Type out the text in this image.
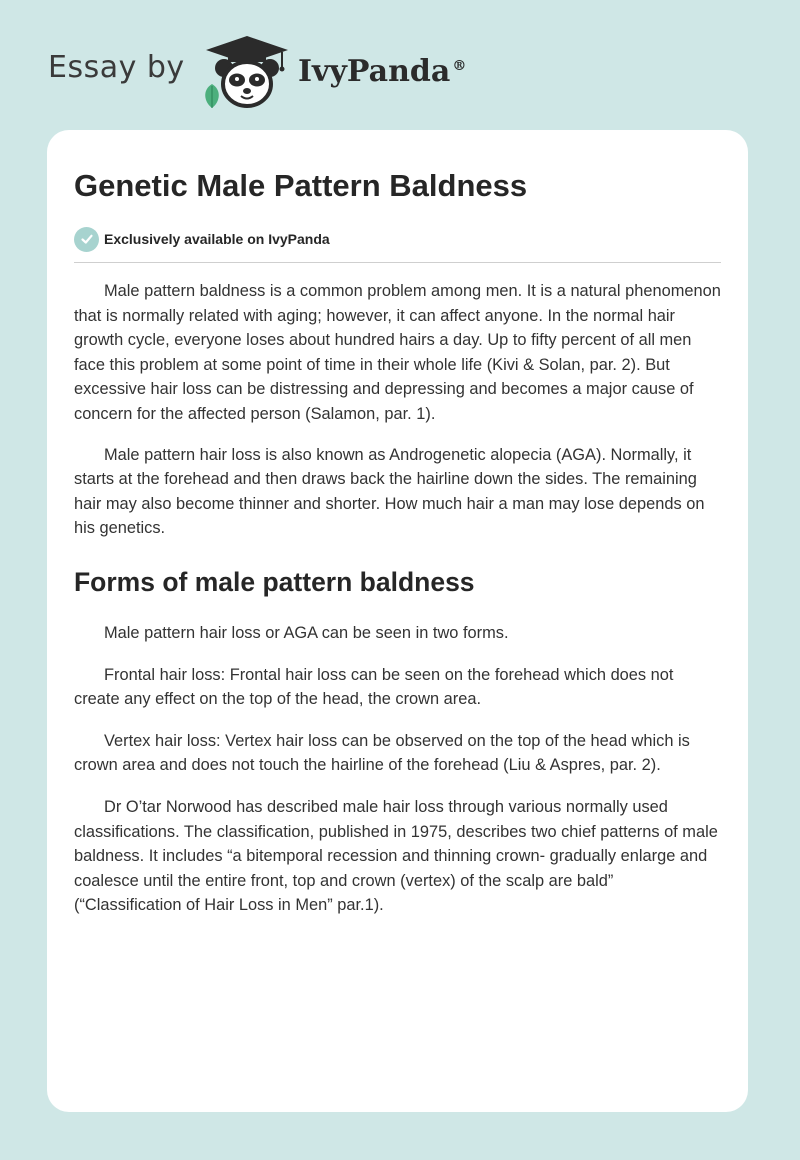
Essay by	IvyPanda ®
Genetic Male Pattern Baldness
Exclusively available on IvyPanda

Male pattern baldness is a common problem among men. It is a natural phenomenon that is normally related with aging; however, it can affect anyone. In the normal hair growth cycle, everyone loses about hundred hairs a day. Up to fifty percent of all men face this problem at some point of time in their whole life (Kivi & Solan, par. 2). But excessive hair loss can be distressing and depressing and becomes a major cause of concern for the affected person (Salamon, par. 1).

Male pattern hair loss is also known as Androgenetic alopecia (AGA). Normally, it starts at the forehead and then draws back the hairline down the sides. The remaining hair may also become thinner and shorter. How much hair a man may lose depends on his genetics.

Forms of male pattern baldness

Male pattern hair loss or AGA can be seen in two forms.

Frontal hair loss: Frontal hair loss can be seen on the forehead which does not create any effect on the top of the head, the crown area.

Vertex hair loss: Vertex hair loss can be observed on the top of the head which is crown area and does not touch the hairline of the forehead (Liu & Aspres, par. 2).

Dr O’tar Norwood has described male hair loss through various normally used classifications. The classification, published in 1975, describes two chief patterns of male baldness. It includes “a bitemporal recession and thinning crown- gradually enlarge and coalesce until the entire front, top and crown (vertex) of the scalp are bald” (“Classification of Hair Loss in Men” par.1).
